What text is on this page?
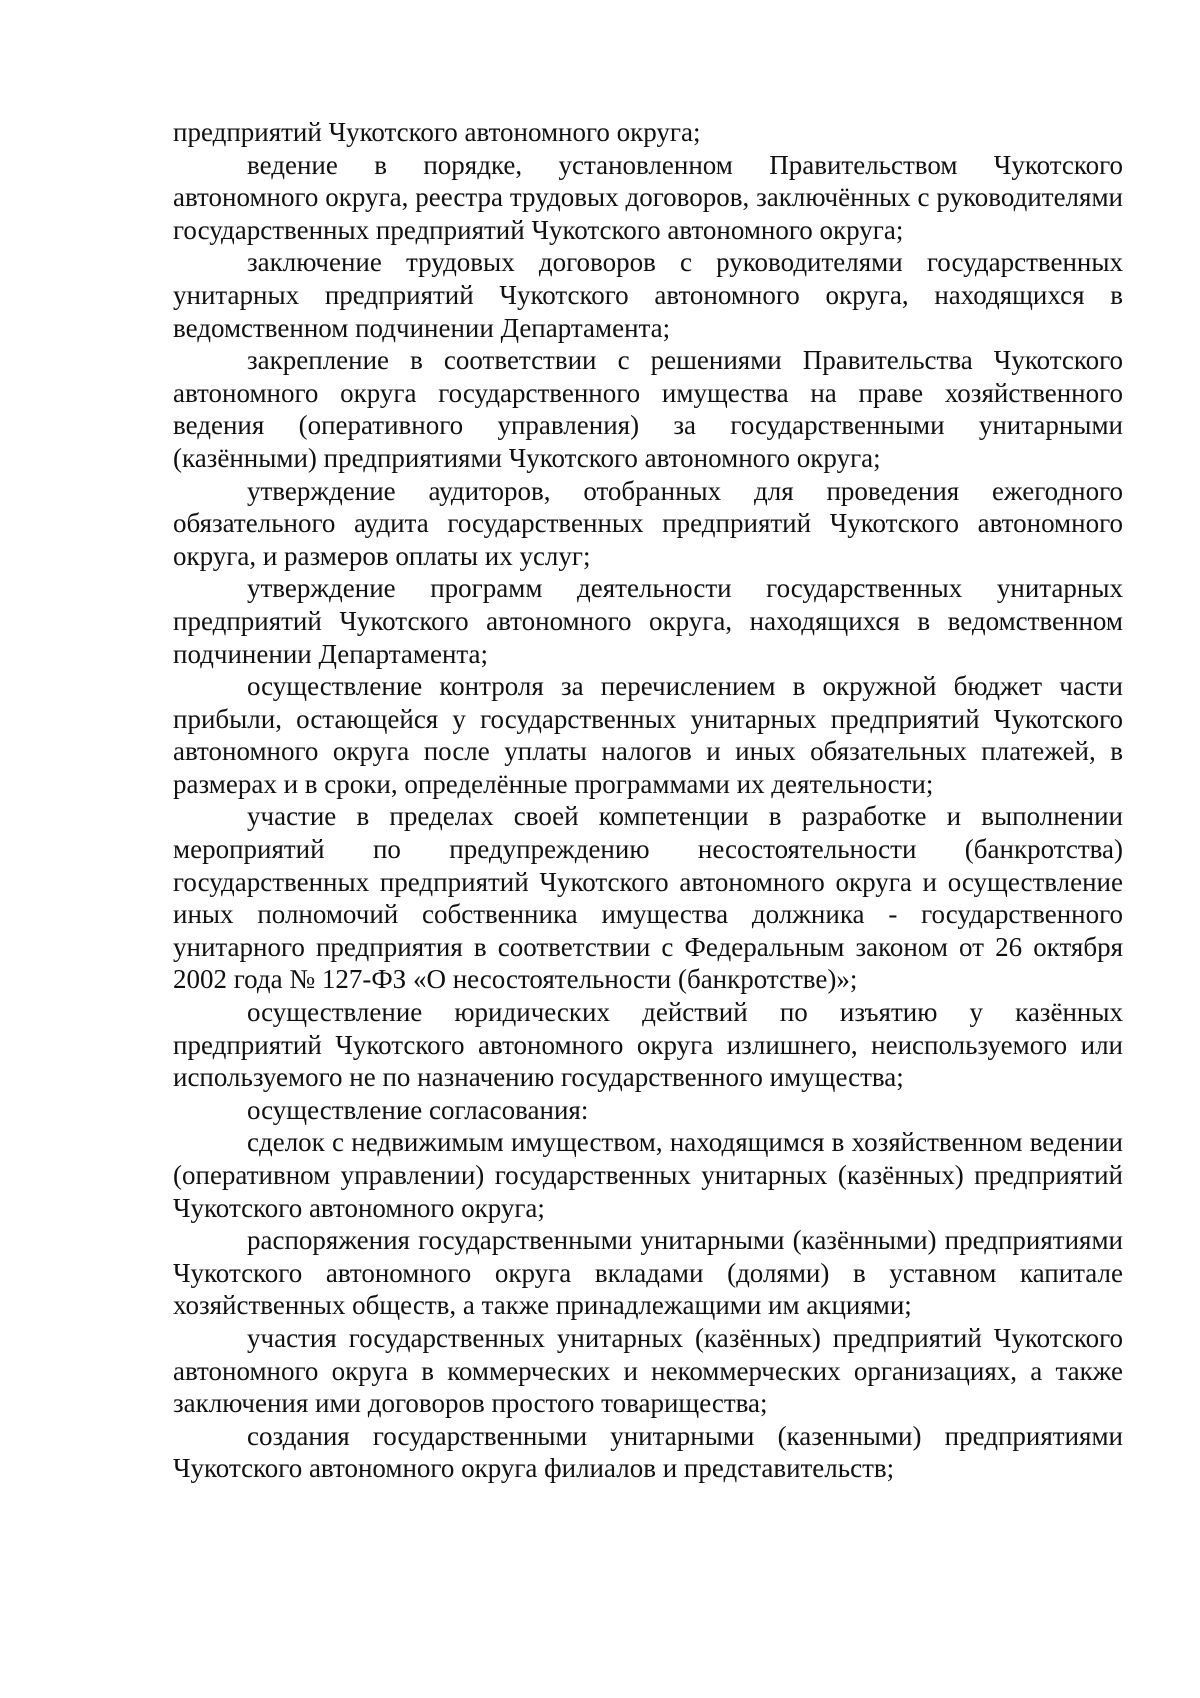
предприятий Чукотского автономного округа;

ведение в порядке, установленном Правительством Чукотского автономного округа, реестра трудовых договоров, заключённых с руководителями государственных предприятий Чукотского автономного округа;

заключение трудовых договоров с руководителями государственных унитарных предприятий Чукотского автономного округа, находящихся в ведомственном подчинении Департамента;

закрепление в соответствии с решениями Правительства Чукотского автономного округа государственного имущества на праве хозяйственного ведения (оперативного управления) за государственными унитарными (казёнными) предприятиями Чукотского автономного округа;

утверждение аудиторов, отобранных для проведения ежегодного обязательного аудита государственных предприятий Чукотского автономного округа, и размеров оплаты их услуг;

утверждение программ деятельности государственных унитарных предприятий Чукотского автономного округа, находящихся в ведомственном подчинении Департамента;

осуществление контроля за перечислением в окружной бюджет части прибыли, остающейся у государственных унитарных предприятий Чукотского автономного округа после уплаты налогов и иных обязательных платежей, в размерах и в сроки, определённые программами их деятельности;

участие в пределах своей компетенции в разработке и выполнении мероприятий по предупреждению несостоятельности (банкротства) государственных предприятий Чукотского автономного округа и осуществление иных полномочий собственника имущества должника - государственного унитарного предприятия в соответствии с Федеральным законом от 26 октября 2002 года № 127-ФЗ «О несостоятельности (банкротстве)»;

осуществление юридических действий по изъятию у казённых предприятий Чукотского автономного округа излишнего, неиспользуемого или используемого не по назначению государственного имущества;

осуществление согласования:

сделок с недвижимым имуществом, находящимся в хозяйственном ведении (оперативном управлении) государственных унитарных (казённых) предприятий Чукотского автономного округа;

распоряжения государственными унитарными (казёнными) предприятиями Чукотского автономного округа вкладами (долями) в уставном капитале хозяйственных обществ, а также принадлежащими им акциями;

участия государственных унитарных (казённых) предприятий Чукотского автономного округа в коммерческих и некоммерческих организациях, а также заключения ими договоров простого товарищества;

создания государственными унитарными (казенными) предприятиями Чукотского автономного округа филиалов и представительств;
